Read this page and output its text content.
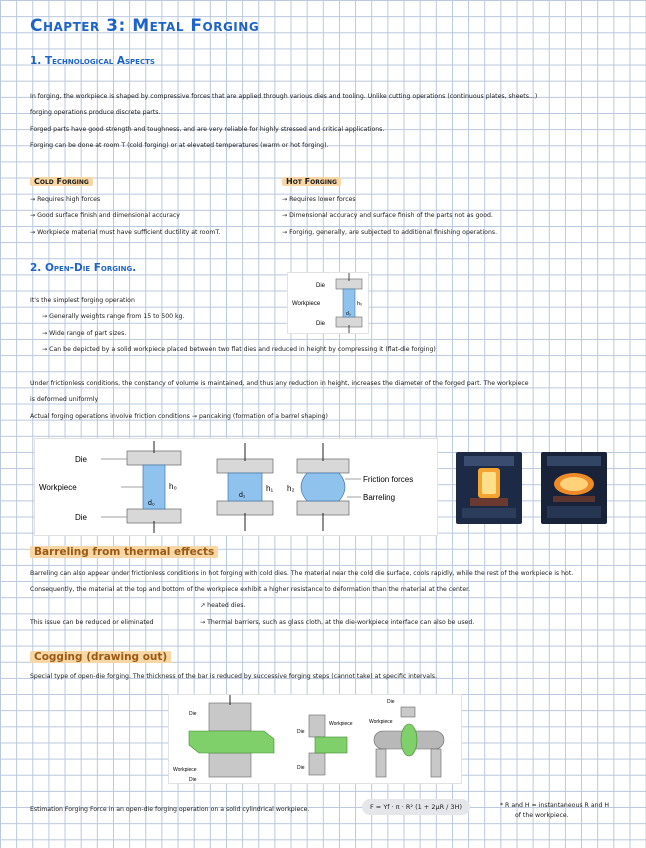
Chapter 3: Metal Forging
1. Technological Aspects
In forging, the workpiece is shaped by compressive forces that are applied through various dies and tooling. Unlike cutting operations (continuous plates, sheets...)
forging operations produce discrete parts.
Forged parts have good strength and toughness, and are very reliable for highly stressed and critical applications.
Forging can be done at room T (cold forging) or at elevated temperatures (warm or hot forging).
Cold Forging
→ Requires high forces
→ Good surface finish and dimensional accuracy
→ Workpiece material must have sufficient ductility at roomT.
Hot Forging
→ Requires lower forces
→ Dimensional accuracy and surface finish of the parts not as good.
→ Forging, generally, are subjected to additional finishing operations.
2. Open-Die Forging.
Die
Workpiece
Die
h₀
d₀
It's the simplest forging operation
→ Generally weights range from 15 to 500 kg.
→ Wide range of part sizes.
→ Can be depicted by a solid workpiece placed between two flat dies and reduced in height by compressing it (flat-die forging)
Under frictionless conditions, the constancy of volume is maintained, and thus any reduction in height, increases the diameter of the forged part. The workpiece
is deformed uniformly
Actual forging operations involve friction conditions → pancaking (formation of a barrel shaping)
Die
Workpiece
Die
h₀
d₀
h₁
d₁
h₂
Friction forces
Barreling
Barreling from thermal effects
Barreling can also appear under frictionless conditions in hot forging with cold dies. The material near the cold die surface, cools rapidly, while the rest of the workpiece is hot.
Consequently, the material at the top and bottom of the workpiece exhibit a higher resistance to deformation than the material at the center.
↗ heated dies.
This issue can be reduced or eliminated	→ Thermal barriers, such as glass cloth, at the die-workpiece interface can also be used.
Cogging (drawing out)
Special type of open-die forging. The thickness of the bar is reduced by successive forging steps (cannot take) at specific intervals.
Die
Workpiece
Die
Die
Die
Workpiece
Die
Workpiece
Estimation Forging Force in an open-die forging operation on a solid cylindrical workpiece.	F = Yf · π · R² (1 + 2μR / 3H)	* R and H = instantaneous R and H
of the workpiece.
